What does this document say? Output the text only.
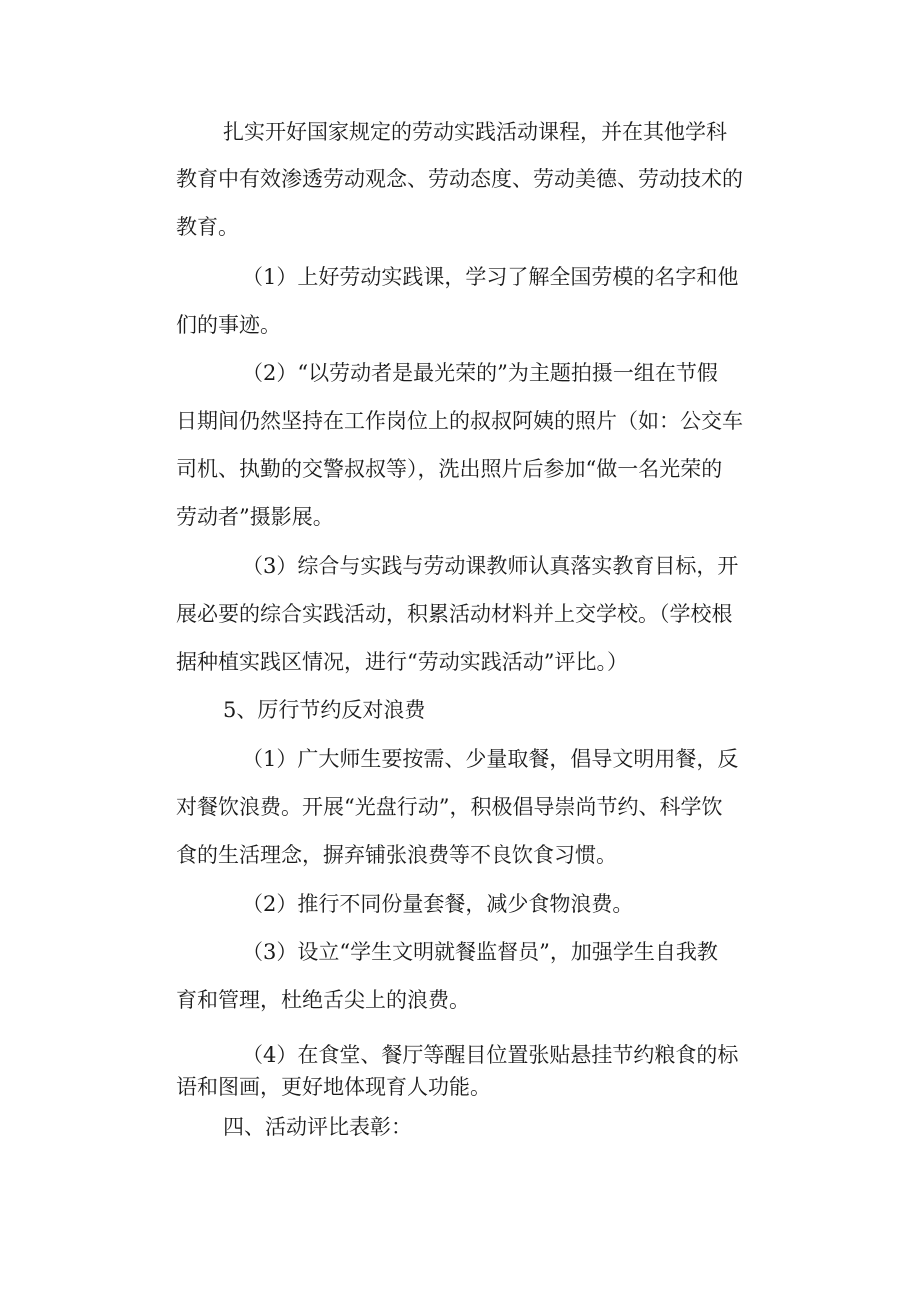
扎实开好国家规定的劳动实践活动课程，并在其他学科
教育中有效渗透劳动观念、劳动态度、劳动美德、劳动技术的
教育。
（1）上好劳动实践课，学习了解全国劳模的名字和他
们的事迹。
（2）“以劳动者是最光荣的”为主题拍摄一组在节假
日期间仍然坚持在工作岗位上的叔叔阿姨的照片（如：公交车
司机、执勤的交警叔叔等），洗出照片后参加“做一名光荣的
劳动者”摄影展。
（3）综合与实践与劳动课教师认真落实教育目标，开
展必要的综合实践活动，积累活动材料并上交学校。（学校根
据种植实践区情况，进行“劳动实践活动”评比。）
5、厉行节约反对浪费
（1）广大师生要按需、少量取餐，倡导文明用餐，反
对餐饮浪费。开展“光盘行动”，积极倡导崇尚节约、科学饮
食的生活理念，摒弃铺张浪费等不良饮食习惯。
（2）推行不同份量套餐，减少食物浪费。
（3）设立“学生文明就餐监督员”，加强学生自我教
育和管理，杜绝舌尖上的浪费。
（4）在食堂、餐厅等醒目位置张贴悬挂节约粮食的标
语和图画，更好地体现育人功能。
四、活动评比表彰：
